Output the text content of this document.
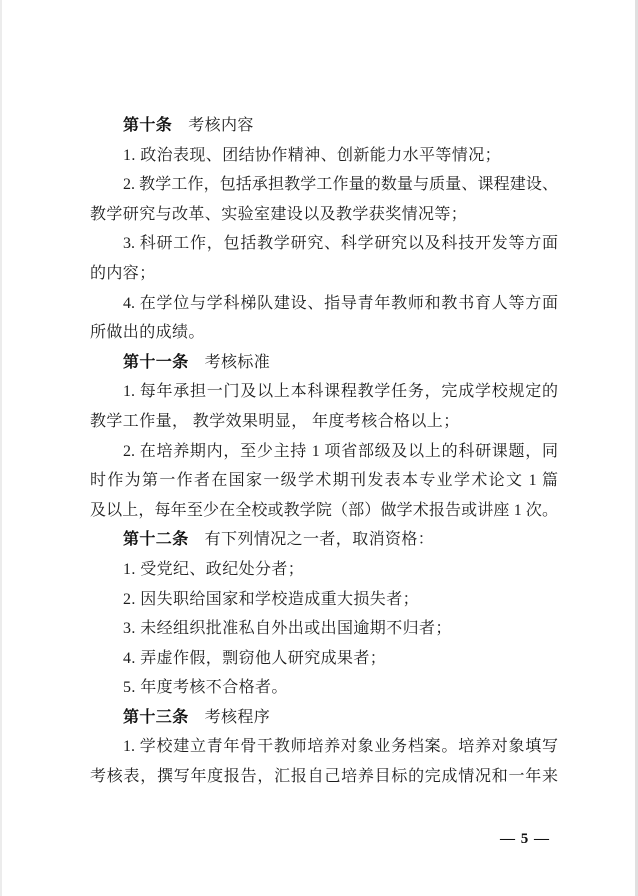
第十条 考核内容
1. 政治表现、团结协作精神、创新能力水平等情况；
2. 教学工作，包括承担教学工作量的数量与质量、课程建设、
教学研究与改革、实验室建设以及教学获奖情况等；
3. 科研工作，包括教学研究、科学研究以及科技开发等方面
的内容；
4. 在学位与学科梯队建设、指导青年教师和教书育人等方面
所做出的成绩。
第十一条 考核标准
1. 每年承担一门及以上本科课程教学任务，完成学校规定的
教学工作量， 教学效果明显， 年度考核合格以上；
2. 在培养期内，至少主持 1 项省部级及以上的科研课题，同
时作为第一作者在国家一级学术期刊发表本专业学术论文 1 篇
及以上，每年至少在全校或教学院（部）做学术报告或讲座 1 次。
第十二条 有下列情况之一者，取消资格：
1. 受党纪、政纪处分者；
2. 因失职给国家和学校造成重大损失者；
3. 未经组织批准私自外出或出国逾期不归者；
4. 弄虚作假，剽窃他人研究成果者；
5. 年度考核不合格者。
第十三条 考核程序
1. 学校建立青年骨干教师培养对象业务档案。培养对象填写
考核表，撰写年度报告，汇报自己培养目标的完成情况和一年来
— 5 —
